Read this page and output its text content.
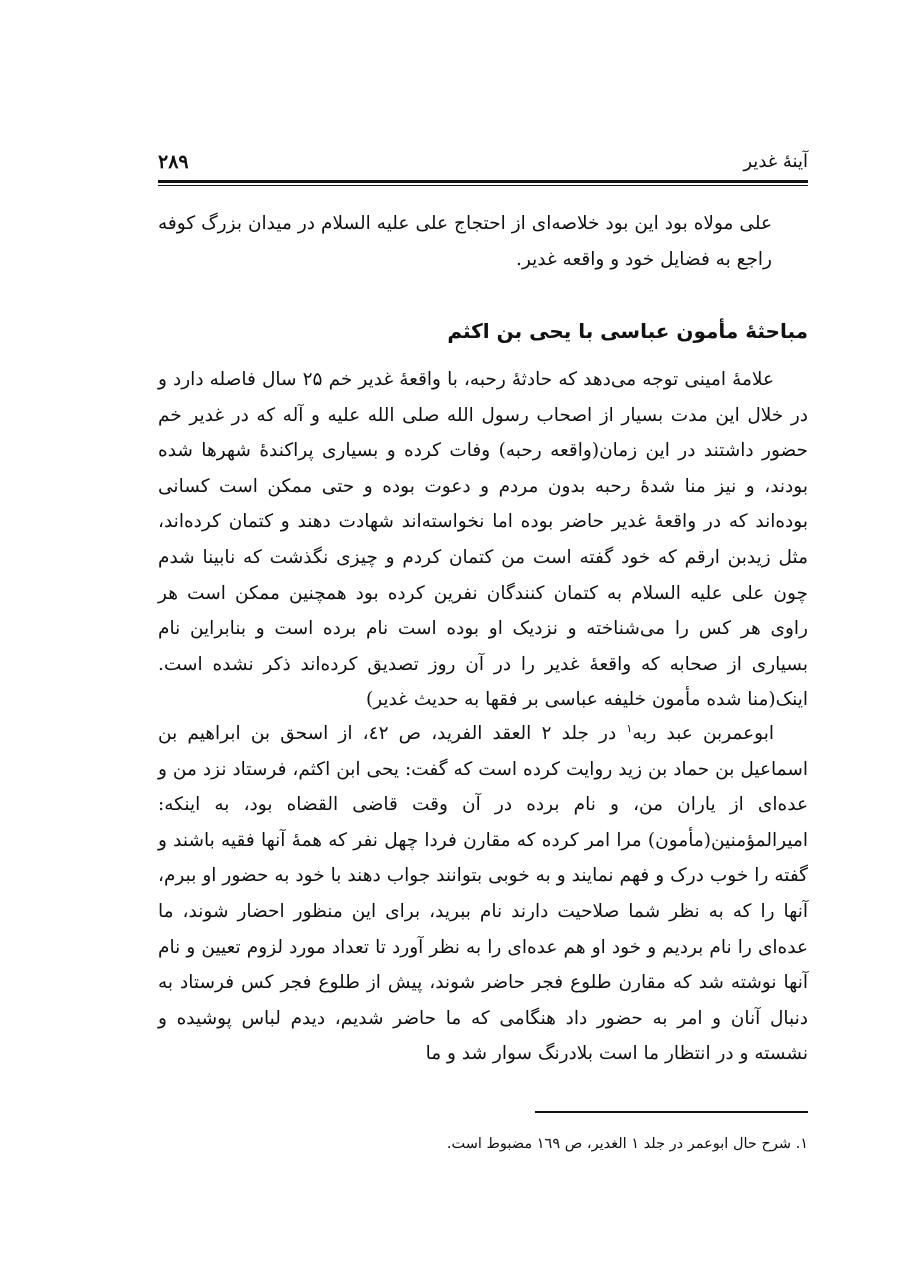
آینهٔ غدیر
۲۸۹

علی مولاه بود این بود خلاصه‌ای از احتجاج علی عليه السلام در میدان بزرگ کوفه راجع به فضایل خود و واقعه غدیر.

مباحثهٔ مأمون عباسی با یحی بن اکثم

علامهٔ امینی توجه می‌دهد که حادثهٔ رحبه، با واقعهٔ غدیر خم ۲۵ سال فاصله دارد و در خلال این مدت بسیار از اصحاب رسول الله صلی الله علیه و آله که در غدیر خم حضور داشتند در این زمان(واقعه رحبه) وفات کرده و بسیاری پراکندهٔ شهرها شده بودند، و نیز منا شدهٔ رحبه بدون مردم و دعوت بوده و حتی ممکن است کسانی بوده‌اند که در واقعهٔ غدیر حاضر بوده اما نخواسته‌اند شهادت دهند و کتمان کرده‌اند، مثل زیدبن ارقم که خود گفته است من کتمان کردم و چیزی نگذشت که نابینا شدم چون علی عليه السلام به کتمان کنندگان نفرین کرده بود همچنین ممکن است هر راوی هر کس را می‌شناخته و نزدیک او بوده است نام برده است و بنابراین نام بسیاری از صحابه که واقعهٔ غدیر را در آن روز تصدیق کرده‌اند ذکر نشده است. اینک(منا شده مأمون خلیفه عباسی بر فقها به حدیث غدیر)

ابوعمربن عبد ربه$^۱$ در جلد ۲ العقد الفرید، ص ٤٢، از اسحق بن ابراهیم بن اسماعیل بن حماد بن زید روایت کرده است که گفت: یحی ابن اکثم، فرستاد نزد من و عده‌ای از یاران من، و نام برده در آن وقت قاضی القضاه بود، به اینکه: امیرالمؤمنین(مأمون) مرا امر کرده که مقارن فردا چهل نفر که همهٔ آنها فقیه باشند و گفته را خوب درک و فهم نمایند و به خوبی بتوانند جواب دهند با خود به حضور او ببرم، آنها را که به نظر شما صلاحیت دارند نام ببرید، برای این منظور احضار شوند، ما عده‌ای را نام بردیم و خود او هم عده‌ای را به نظر آورد تا تعداد مورد لزوم تعیین و نام آنها نوشته شد که مقارن طلوع فجر حاضر شوند، پیش از طلوع فجر کس فرستاد به دنبال آنان و امر به حضور داد هنگامی که ما حاضر شدیم، دیدم لباس پوشیده و نشسته و در انتظار ما است بلادرنگ سوار شد و ما

۱. شرح حال ابوعمر در جلد ۱ الغدیر، ص ۱٦۹ مضبوط است.
